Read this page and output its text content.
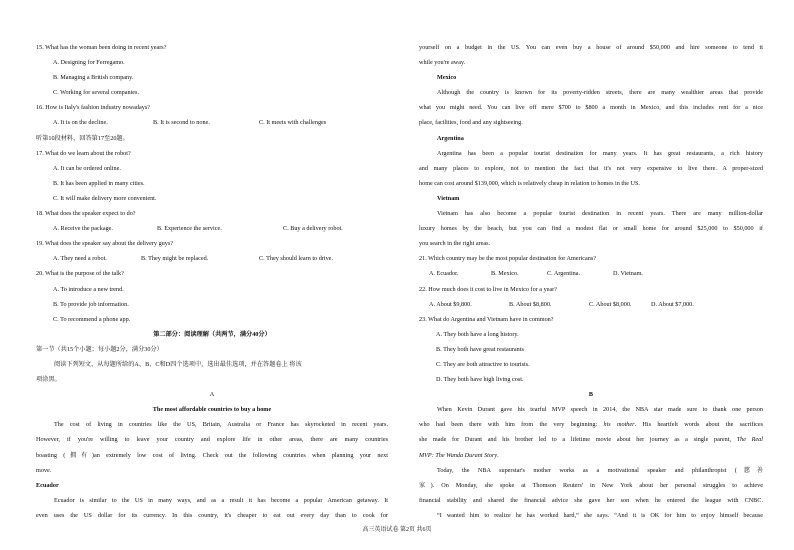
15. What has the woman been doing in recent years?
A. Designing for Ferregamo.
B. Managing a British company.
C. Working for several companies.
16. How is Italy's fashion industry nowadays?
A. It is on the decline.	B. It is second to none.	C. It meets with challenges
听第10段材料，回答第17至20题。
17. What do we learn about the robot?
A. It can be ordered online.
B. It has been applied in many cities.
C. It will make delivery more convenient.
18. What does the speaker expect to do?
A. Receive the package.	B. Experience the service.	C. Buy a delivery robot.
19. What does the speaker say about the delivery guys?
A. They need a robot.	B. They might be replaced.	C. They should learn to drive.
20. What is the purpose of the talk?
A. To introduce a new trend.
B. To provide job information.
C. To recommend a phone app.
第二部分：阅读理解（共两节，满分40分）
第一节（共15个小题；每小题2分，满分30分）
阅读下列短文，从每题所给的A、B、C和D四个选项中，选出最佳选项，并在答题卷上 将该
项涂黑。
A
The most affordable countries to buy a home
The cost of living in countries like the US, Britain, Australia or France has skyrocketed in recent years.
However, if you're willing to leave your country and explore life in other areas, there are many countries
boasting (拥有)an extremely low cost of living. Check out the following countries when planning your next
move.
Ecuador
Ecuador is similar to the US in many ways, and as a result it has become a popular American getaway. It
even uses the US dollar for its currency. In this country, it's cheaper to eat out every day than to cook for
yourself on a budget in the US. You can even buy a house of around $50,000 and hire someone to tend it
while you're away.
Mexico
Although the country is known for its poverty-ridden streets, there are many wealthier areas that provide
what you might need. You can live off mere $700 to $800 a month in Mexico, and this includes rent for a nice
place, facilities, food and any sightseeing.
Argentina
Argentina has been a popular tourist destination for many years. It has great restaurants, a rich history
and many places to explore, not to mention the fact that it's not very expensive to live there. A proper-sized
home can cost around $139,000, which is relatively cheap in relation to homes in the US.
Vietnam
Vietnam has also become a popular tourist destination in recent years. There are many million-dollar
luxury homes by the beach, but you can find a modest flat or small home for around $25,000 to $50,000 if
you search in the right areas.
21. Which country may be the most popular destination for Americans?
A. Ecuador.	B. Mexico.	C. Argentina.	D. Vietnam.
22. How much does it cost to live in Mexico for a year?
A. About $9,800.	B. About $8,800.	C. About $8,000.	D. About $7,000.
23. What do Argentina and Vietnam have in common?
A. They both have a long history.
B. They both have great restaurants
C. They are both attractive to tourists.
D. They both have high living cost.
B
When Kevin Durant gave his tearful MVP speech in 2014, the NBA star made sure to thank one person
who had been there with him from the very beginning: his mother. His heartfelt words about the sacrifices
she made for Durant and his brother led to a lifetime movie about her journey as a single parent, The Real
MVP: The Wanda Durant Story.
Today, the NBA superstar's mother works as a motivational speaker and philanthropist (慈善
家). On Monday, she spoke at Thomson Reuters' in New York about her personal struggles to achieve
financial stability and shared the financial advice she gave her son when he entered the league with CNBC.
“I wanted him to realize he has worked hard,” she says. “And it is OK for him to enjoy himself because
高三英语试卷 第2页 共6页
